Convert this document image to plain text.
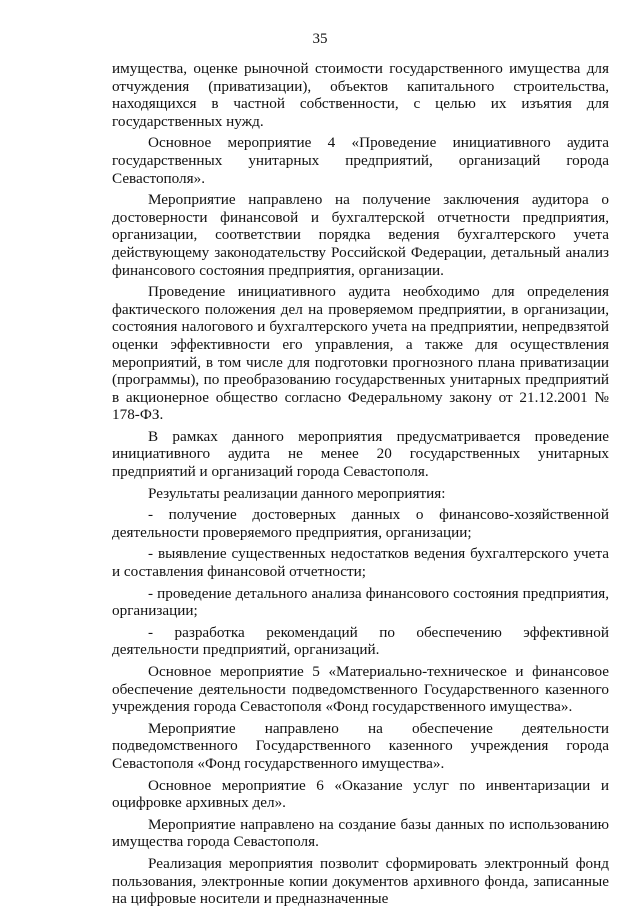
35

имущества, оценке рыночной стоимости государственного имущества для отчуждения (приватизации), объектов капитального строительства, находящихся в частной собственности, с целью их изъятия для государственных нужд.

Основное мероприятие 4 «Проведение инициативного аудита государственных унитарных предприятий, организаций города Севастополя».

Мероприятие направлено на получение заключения аудитора о достоверности финансовой и бухгалтерской отчетности предприятия, организации, соответствии порядка ведения бухгалтерского учета действующему законодательству Российской Федерации, детальный анализ финансового состояния предприятия, организации.

Проведение инициативного аудита необходимо для определения фактического положения дел на проверяемом предприятии, в организации, состояния налогового и бухгалтерского учета на предприятии, непредвзятой оценки эффективности его управления, а также для осуществления мероприятий, в том числе для подготовки прогнозного плана приватизации (программы), по преобразованию государственных унитарных предприятий в акционерное общество согласно Федеральному закону от 21.12.2001 № 178-ФЗ.

В рамках данного мероприятия предусматривается проведение инициативного аудита не менее 20 государственных унитарных предприятий и организаций города Севастополя.

Результаты реализации данного мероприятия:

- получение достоверных данных о финансово-хозяйственной деятельности проверяемого предприятия, организации;

- выявление существенных недостатков ведения бухгалтерского учета и составления финансовой отчетности;

- проведение детального анализа финансового состояния предприятия, организации;

- разработка рекомендаций по обеспечению эффективной деятельности предприятий, организаций.

Основное мероприятие 5 «Материально-техническое и финансовое обеспечение деятельности подведомственного Государственного казенного учреждения города Севастополя «Фонд государственного имущества».

Мероприятие направлено на обеспечение деятельности подведомственного Государственного казенного учреждения города Севастополя «Фонд государственного имущества».

Основное мероприятие 6 «Оказание услуг по инвентаризации и оцифровке архивных дел».

Мероприятие направлено на создание базы данных по использованию имущества города Севастополя.

Реализация мероприятия позволит сформировать электронный фонд пользования, электронные копии документов архивного фонда, записанные на цифровые носители и предназначенные
